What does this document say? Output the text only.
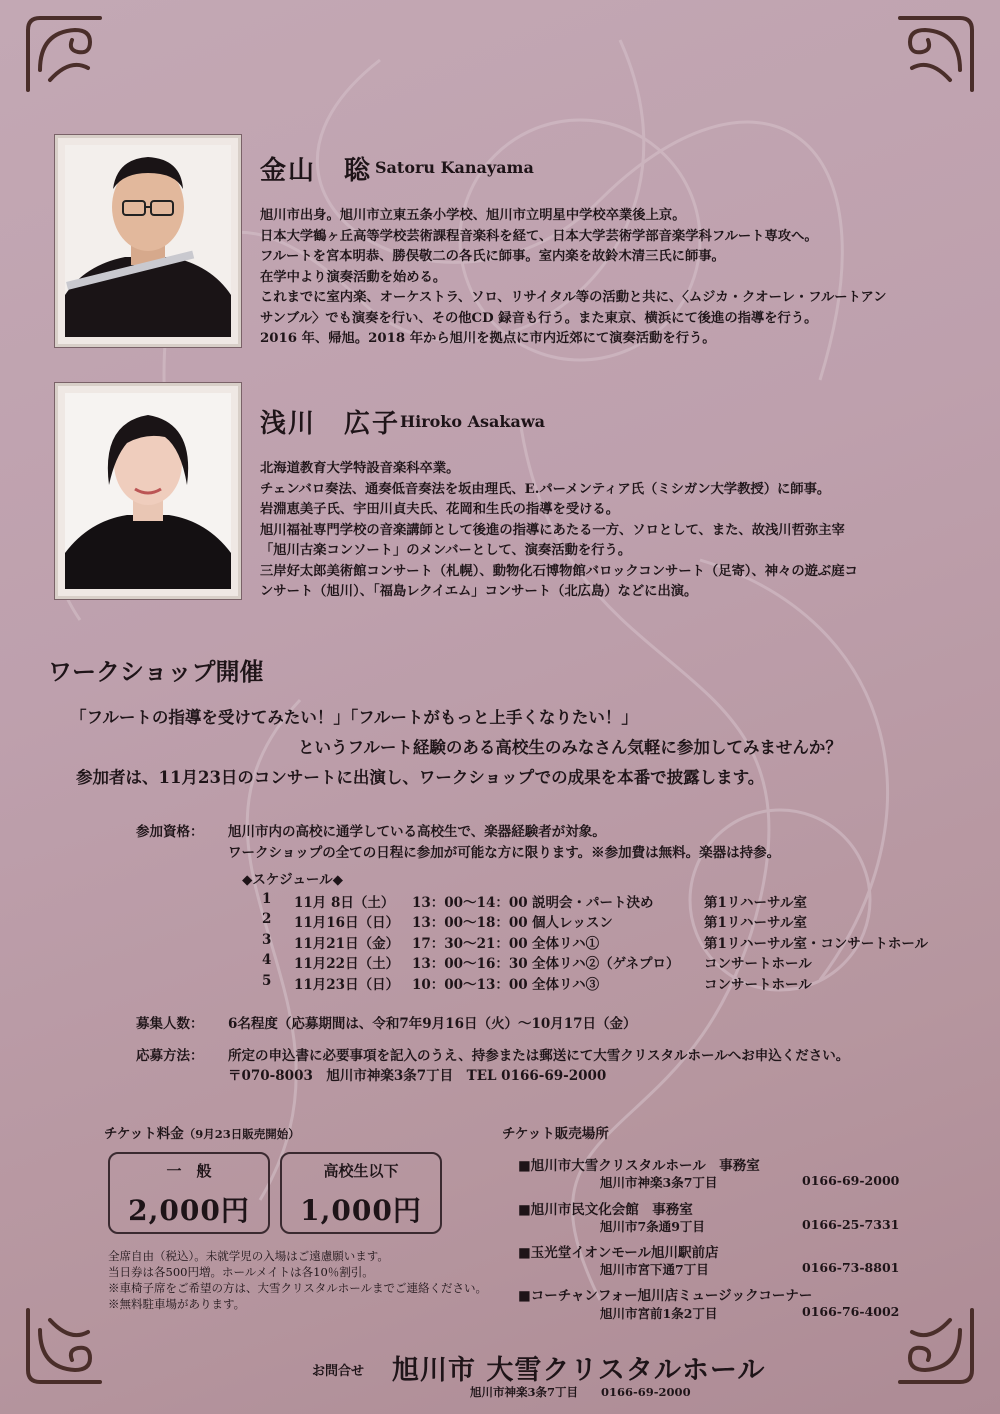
金山　聡 Satoru Kanayama
旭川市出身。旭川市立東五条小学校、旭川市立明星中学校卒業後上京。
日本大学鶴ヶ丘高等学校芸術課程音楽科を経て、日本大学芸術学部音楽学科フルート専攻へ。
フルートを宮本明恭、勝俣敬二の各氏に師事。室内楽を故鈴木清三氏に師事。
在学中より演奏活動を始める。
これまでに室内楽、オーケストラ、ソロ、リサイタル等の活動と共に、〈ムジカ・クオーレ・フルートアン
サンブル〉でも演奏を行い、その他CD 録音も行う。また東京、横浜にて後進の指導を行う。
2016 年、帰旭。2018 年から旭川を拠点に市内近郊にて演奏活動を行う。
浅川　広子 Hiroko Asakawa
北海道教育大学特設音楽科卒業。
チェンバロ奏法、通奏低音奏法を坂由理氏、E.パーメンティア氏（ミシガン大学教授）に師事。
岩淵恵美子氏、宇田川貞夫氏、花岡和生氏の指導を受ける。
旭川福祉専門学校の音楽講師として後進の指導にあたる一方、ソロとして、また、故浅川哲弥主宰
「旭川古楽コンソート」のメンバーとして、演奏活動を行う。
三岸好太郎美術館コンサート（札幌）、動物化石博物館バロックコンサート（足寄）、神々の遊ぶ庭コ
ンサート（旭川）、「福島レクイエム」コンサート（北広島）などに出演。
ワークショップ開催
「フルートの指導を受けてみたい！」「フルートがもっと上手くなりたい！」
というフルート経験のある高校生のみなさん気軽に参加してみませんか？
参加者は、11月23日のコンサートに出演し、ワークショップでの成果を本番で披露します。
参加資格： 旭川市内の高校に通学している高校生で、楽器経験者が対象。
ワークショップの全ての日程に参加が可能な方に限ります。※参加費は無料。楽器は持参。
◆スケジュール◆
1 11月 8日（土） 13：00～14：00 説明会・パート決め	第1リハーサル室
2 11月16日（日） 13：00～18：00 個人レッスン	第1リハーサル室
3 11月21日（金） 17：30～21：00 全体リハ①	第1リハーサル室・コンサートホール
4 11月22日（土） 13：00～16：30 全体リハ②（ゲネプロ） コンサートホール
5 11月23日（日） 10：00～13：00 全体リハ③	コンサートホール
募集人数： 6名程度（応募期間は、令和7年9月16日（火）～10月17日（金）
応募方法： 所定の申込書に必要事項を記入のうえ、持参または郵送にて大雪クリスタルホールへお申込ください。
〒070-8003　旭川市神楽3条7丁目　TEL 0166-69-2000
チケット料金（9月23日販売開始）
一　般
2,000円
高校生以下
1,000円
全席自由（税込）。未就学児の入場はご遠慮願います。
当日券は各500円増。ホールメイトは各10％割引。
※車椅子席をご希望の方は、大雪クリスタルホールまでご連絡ください。
※無料駐車場があります。
チケット販売場所
■旭川市大雪クリスタルホール　事務室
旭川市神楽3条7丁目	0166-69-2000
■旭川市民文化会館　事務室
旭川市7条通9丁目	0166-25-7331
■玉光堂イオンモール旭川駅前店
旭川市宮下通7丁目	0166-73-8801
■コーチャンフォー旭川店ミュージックコーナー
旭川市宮前1条2丁目	0166-76-4002
お問合せ 旭川市 大雪クリスタルホール
旭川市神楽3条7丁目　　0166-69-2000
